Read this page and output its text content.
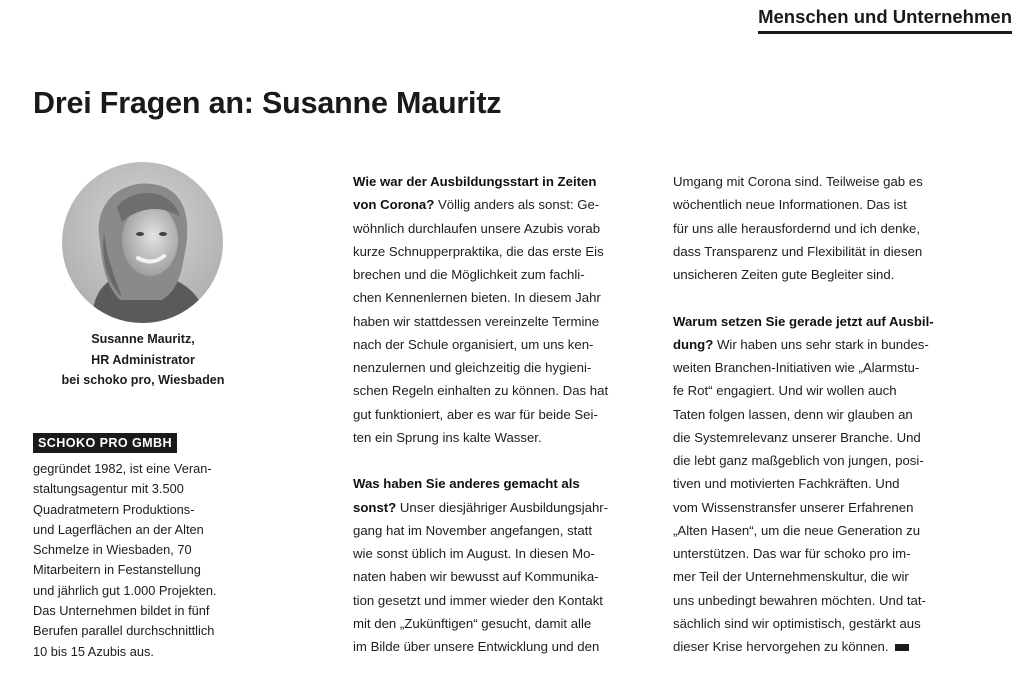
Menschen und Unternehmen
Drei Fragen an: Susanne Mauritz
Susanne Mauritz,
HR Administrator
bei schoko pro, Wiesbaden
SCHOKO PRO GMBH
gegründet 1982, ist eine Veran-
staltungsagentur mit 3.500
Quadratmetern Produktions-
und Lagerflächen an der Alten
Schmelze in Wiesbaden, 70
Mitarbeitern in Festanstellung
und jährlich gut 1.000 Projekten.
Das Unternehmen bildet in fünf
Berufen parallel durchschnittlich
10 bis 15 Azubis aus.
Wie war der Ausbildungsstart in Zeiten
von Corona? Völlig anders als sonst: Ge-
wöhnlich durchlaufen unsere Azubis vorab
kurze Schnupperpraktika, die das erste Eis
brechen und die Möglichkeit zum fachli-
chen Kennenlernen bieten. In diesem Jahr
haben wir stattdessen vereinzelte Termine
nach der Schule organisiert, um uns ken-
nenzulernen und gleichzeitig die hygieni-
schen Regeln einhalten zu können. Das hat
gut funktioniert, aber es war für beide Sei-
ten ein Sprung ins kalte Wasser.
Was haben Sie anderes gemacht als
sonst? Unser diesjähriger Ausbildungsjahr-
gang hat im November angefangen, statt
wie sonst üblich im August. In diesen Mo-
naten haben wir bewusst auf Kommunika-
tion gesetzt und immer wieder den Kontakt
mit den „Zukünftigen“ gesucht, damit alle
im Bilde über unsere Entwicklung und den
Umgang mit Corona sind. Teilweise gab es
wöchentlich neue Informationen. Das ist
für uns alle herausfordernd und ich denke,
dass Transparenz und Flexibilität in diesen
unsicheren Zeiten gute Begleiter sind.
Warum setzen Sie gerade jetzt auf Ausbil-
dung? Wir haben uns sehr stark in bundes-
weiten Branchen-Initiativen wie „Alarmstu-
fe Rot“ engagiert. Und wir wollen auch
Taten folgen lassen, denn wir glauben an
die Systemrelevanz unserer Branche. Und
die lebt ganz maßgeblich von jungen, posi-
tiven und motivierten Fachkräften. Und
vom Wissenstransfer unserer Erfahrenen
„Alten Hasen“, um die neue Generation zu
unterstützen. Das war für schoko pro im-
mer Teil der Unternehmenskultur, die wir
uns unbedingt bewahren möchten. Und tat-
sächlich sind wir optimistisch, gestärkt aus
dieser Krise hervorgehen zu können.
